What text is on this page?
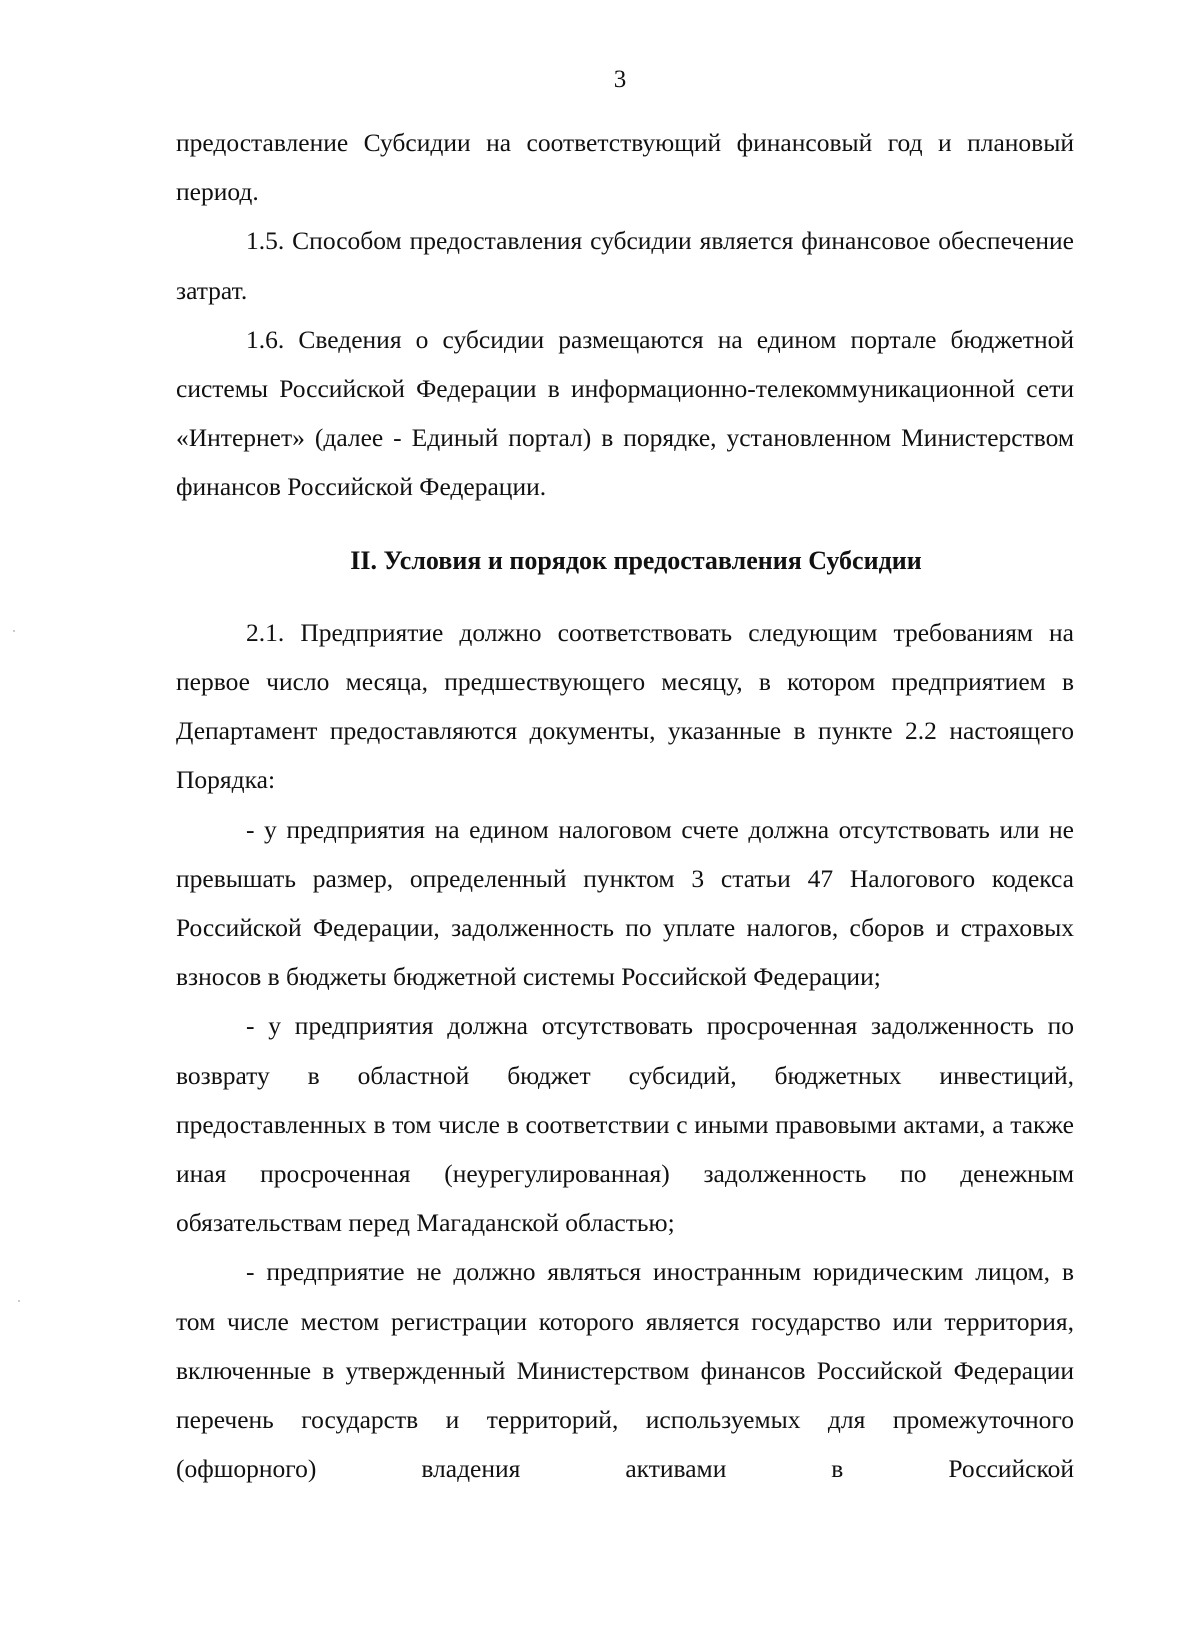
3

предоставление Субсидии на соответствующий финансовый год и плановый период.

1.5. Способом предоставления субсидии является финансовое обеспечение затрат.

1.6. Сведения о субсидии размещаются на едином портале бюджетной системы Российской Федерации в информационно-телекоммуникационной сети «Интернет» (далее - Единый портал) в порядке, установленном Министерством финансов Российской Федерации.

II. Условия и порядок предоставления Субсидии

2.1. Предприятие должно соответствовать следующим требованиям на первое число месяца, предшествующего месяцу, в котором предприятием в Департамент предоставляются документы, указанные в пункте 2.2 настоящего Порядка:

- у предприятия на едином налоговом счете должна отсутствовать или не превышать размер, определенный пунктом 3 статьи 47 Налогового кодекса Российской Федерации, задолженность по уплате налогов, сборов и страховых взносов в бюджеты бюджетной системы Российской Федерации;

- у предприятия должна отсутствовать просроченная задолженность по возврату в областной бюджет субсидий, бюджетных инвестиций, предоставленных в том числе в соответствии с иными правовыми актами, а также иная просроченная (неурегулированная) задолженность по денежным обязательствам перед Магаданской областью;

- предприятие не должно являться иностранным юридическим лицом, в том числе местом регистрации которого является государство или территория, включенные в утвержденный Министерством финансов Российской Федерации перечень государств и территорий, используемых для промежуточного (офшорного) владения активами в Российской
